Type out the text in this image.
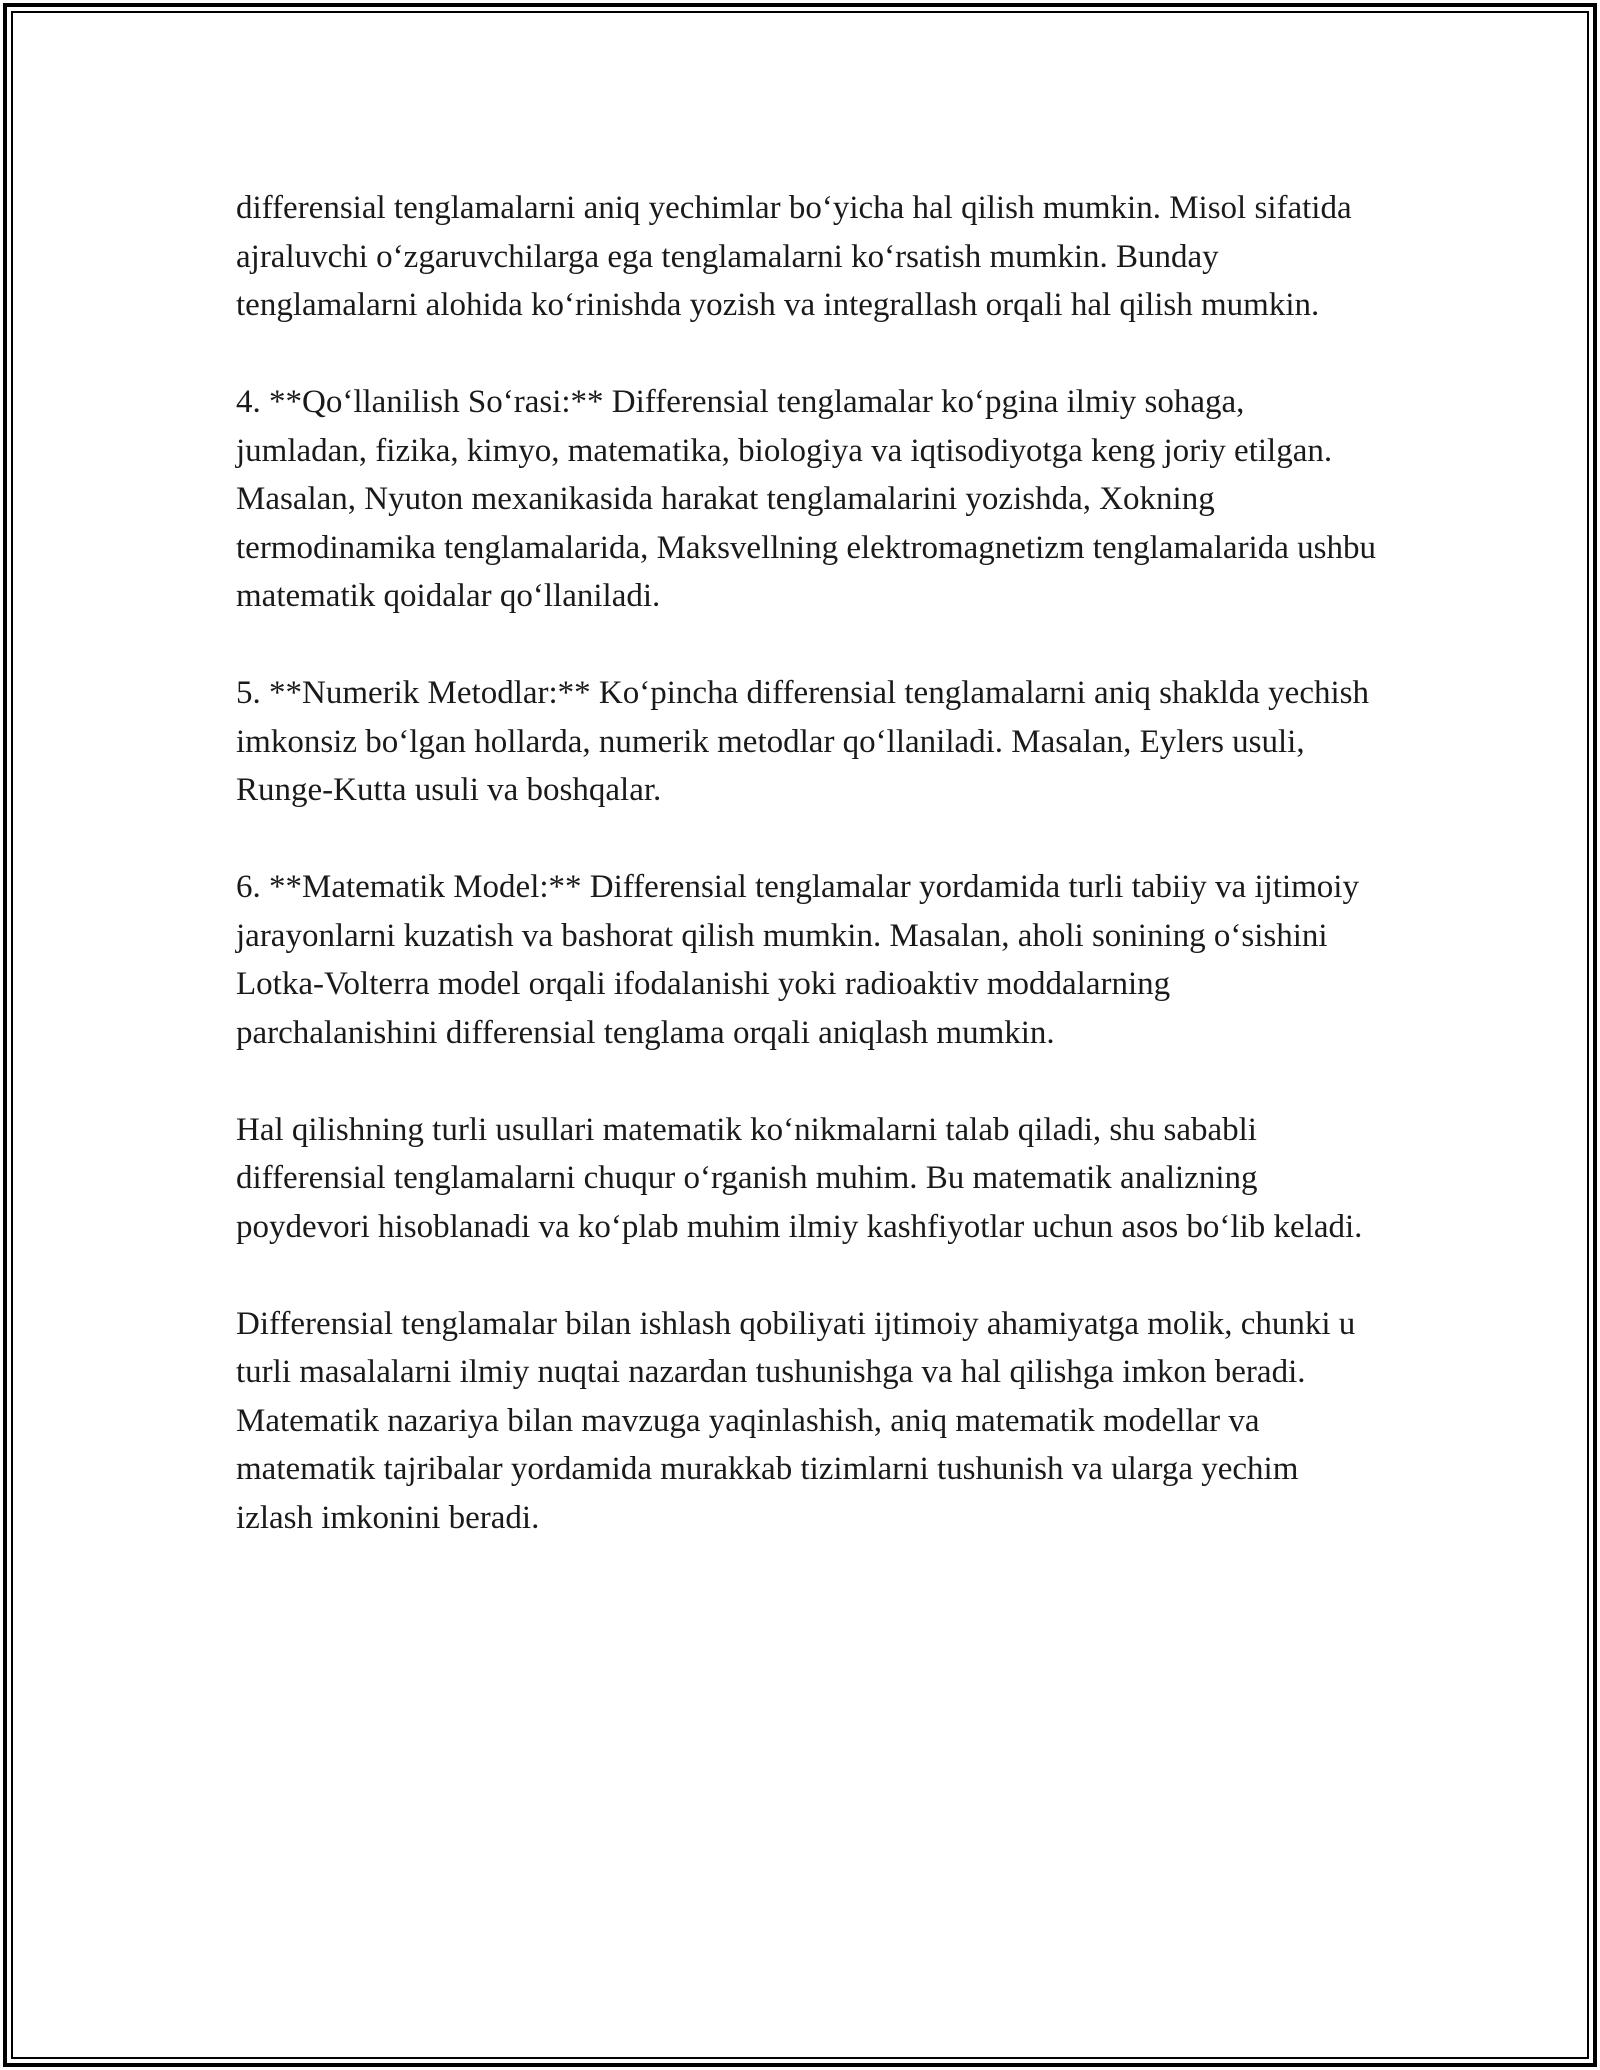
differensial tenglamalarni aniq yechimlar bo‘yicha hal qilish mumkin. Misol sifatida ajraluvchi o‘zgaruvchilarga ega tenglamalarni ko‘rsatish mumkin. Bunday tenglamalarni alohida ko‘rinishda yozish va integrallash orqali hal qilish mumkin.

4. **Qo‘llanilish So‘rasi:** Differensial tenglamalar ko‘pgina ilmiy sohaga, jumladan, fizika, kimyo, matematika, biologiya va iqtisodiyotga keng joriy etilgan. Masalan, Nyuton mexanikasida harakat tenglamalarini yozishda, Xokning termodinamika tenglamalarida, Maksvellning elektromagnetizm tenglamalarida ushbu matematik qoidalar qo‘llaniladi.

5. **Numerik Metodlar:** Ko‘pincha differensial tenglamalarni aniq shakldа yechish imkonsiz bo‘lgan hollarda, numerik metodlar qo‘llaniladi. Masalan, Eylers usuli, Runge-Kutta usuli va boshqalar.

6. **Matematik Model:** Differensial tenglamalar yordamida turli tabiiy va ijtimoiy jarayonlarni kuzatish va bashorat qilish mumkin. Masalan, aholi sonining o‘sishini Lotka-Volterra model orqali ifodalanishi yoki radioaktiv moddalarning parchalanishini differensial tenglama orqali aniqlash mumkin.

Hal qilishning turli usullari matematik ko‘nikmalarni talab qiladi, shu sababli differensial tenglamalarni chuqur o‘rganish muhim. Bu matematik analizning poydevori hisoblanadi va ko‘plab muhim ilmiy kashfiyotlar uchun asos bo‘lib keladi.

Differensial tenglamalar bilan ishlash qobiliyati ijtimoiy ahamiyatga molik, chunki u turli masalalarni ilmiy nuqtai nazardan tushunishga va hal qilishga imkon beradi. Matematik nazariya bilan mavzuga yaqinlashish, aniq matematik modellar va matematik tajribalar yordamida murakkab tizimlarni tushunish va ularga yechim izlash imkonini beradi.
